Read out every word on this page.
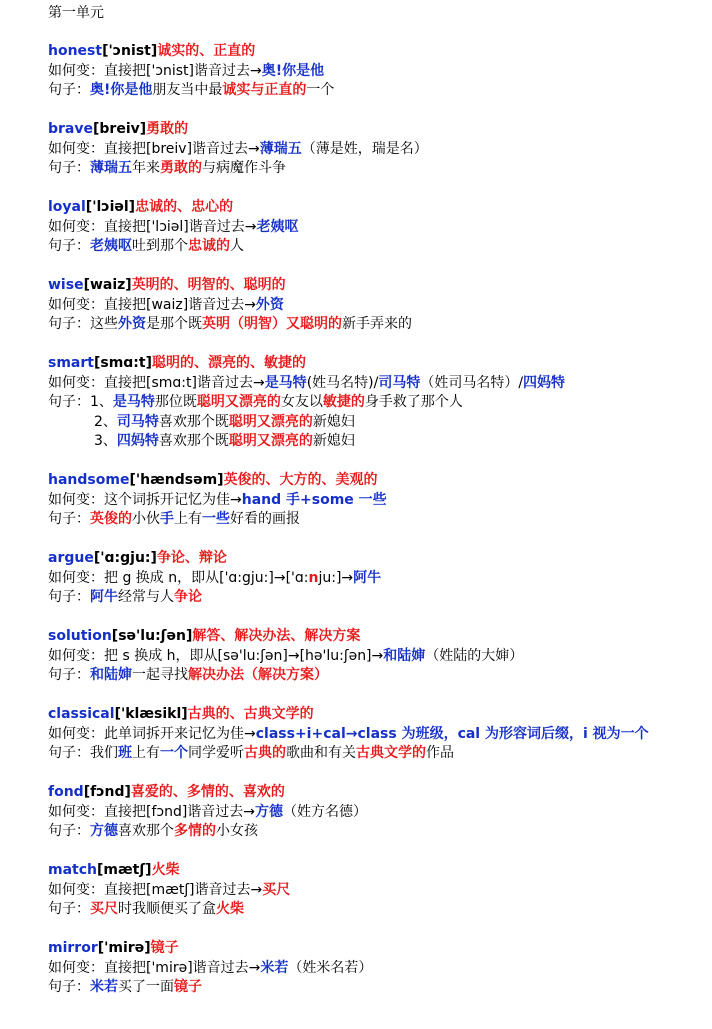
第一单元
honest['ɔnist]诚实的、正直的
如何变：直接把['ɔnist]谐音过去→奥!你是他
句子：奥!你是他朋友当中最诚实与正直的一个
brave[breiv]勇敢的
如何变：直接把[breiv]谐音过去→薄瑞五（薄是姓，瑞是名）
句子：薄瑞五年来勇敢的与病魔作斗争
loyal['lɔiəl]忠诚的、忠心的
如何变：直接把['lɔiəl]谐音过去→老姨呕
句子：老姨呕吐到那个忠诚的人
wise[waiz]英明的、明智的、聪明的
如何变：直接把[waiz]谐音过去→外资
句子：这些外资是那个既英明（明智）又聪明的新手弄来的
smart[smɑ:t]聪明的、漂亮的、敏捷的
如何变：直接把[smɑ:t]谐音过去→是马特(姓马名特)/司马特（姓司马名特）/四妈特
句子：1、是马特那位既聪明又漂亮的女友以敏捷的身手救了那个人
2、司马特喜欢那个既聪明又漂亮的新媳妇
3、四妈特喜欢那个既聪明又漂亮的新媳妇
handsome['hændsəm]英俊的、大方的、美观的
如何变：这个词拆开记忆为佳→hand 手+some 一些
句子：英俊的小伙手上有一些好看的画报
argue['ɑ:gju:]争论、辩论
如何变：把 g 换成 n，即从['ɑ:gju:]→['ɑ:nju:]→阿牛
句子：阿牛经常与人争论
solution[sə'lu:ʃən]解答、解决办法、解决方案
如何变：把 s 换成 h，即从[sə'lu:ʃən]→[hə'lu:ʃən]→和陆婶（姓陆的大婶）
句子：和陆婶一起寻找解决办法（解决方案）
classical['klæsikl]古典的、古典文学的
如何变：此单词拆开来记忆为佳→class+i+cal→class 为班级，cal 为形容词后缀，i 视为一个
句子：我们班上有一个同学爱听古典的歌曲和有关古典文学的作品
fond[fɔnd]喜爱的、多情的、喜欢的
如何变：直接把[fɔnd]谐音过去→方德（姓方名德）
句子：方德喜欢那个多情的小女孩
match[mætʃ]火柴
如何变：直接把[mætʃ]谐音过去→买尺
句子：买尺时我顺便买了盒火柴
mirror['mirə]镜子
如何变：直接把['mirə]谐音过去→米若（姓米名若）
句子：米若买了一面镜子
